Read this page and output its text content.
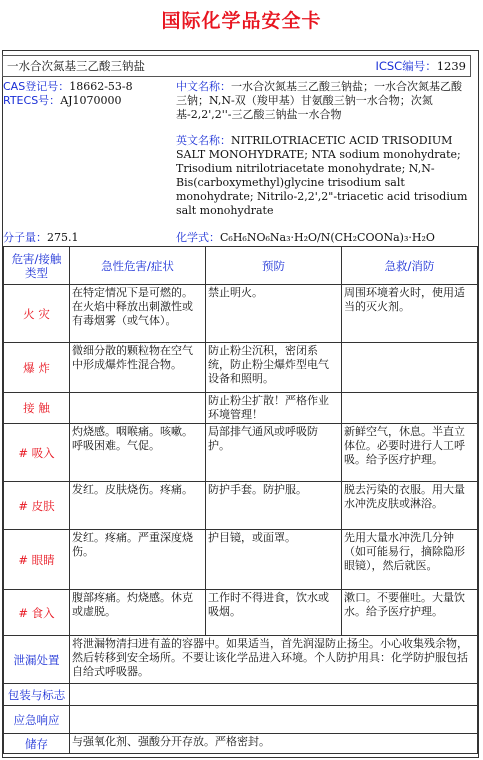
国际化学品安全卡
一水合次氮基三乙酸三钠盐	ICSC编号：1239
CAS登记号：18662-53-8
RTECS号：AJ1070000

中文名称：一水合次氮基三乙酸三钠盐；一水合次氮基乙酸三钠；N,N-双（羧甲基）甘氨酸三钠一水合物；次氮基-2,2',2''-三乙酸三钠盐一水合物

英文名称：NITRILOTRIACETIC ACID TRISODIUM SALT MONOHYDRATE; NTA sodium monohydrate; Trisodium nitrilotriacetate monohydrate; N,N-Bis(carboxymethyl)glycine trisodium salt monohydrate; Nitrilo-2,2',2"-triacetic acid trisodium salt monohydrate

分子量：275.1	化学式：C₆H₆NO₆Na₃·H₂O/N(CH₂COONa)₃·H₂O
危害/接触类型	急性危害/症状	预防	急救/消防
火 灾	在特定情况下是可燃的。在火焰中释放出刺激性或有毒烟雾（或气体）。	禁止明火。	周围环境着火时，使用适当的灭火剂。
爆 炸	微细分散的颗粒物在空气中形成爆炸性混合物。	防止粉尘沉积，密闭系统，防止粉尘爆炸型电气设备和照明。	
接 触		防止粉尘扩散！严格作业环境管理！	
# 吸入	灼烧感。咽喉痛。咳嗽。呼吸困难。气促。	局部排气通风或呼吸防护。	新鲜空气，休息。半直立体位。必要时进行人工呼吸。给予医疗护理。
# 皮肤	发红。皮肤烧伤。疼痛。	防护手套。防护服。	脱去污染的衣服。用大量水冲洗皮肤或淋浴。
# 眼睛	发红。疼痛。严重深度烧伤。	护目镜，或面罩。	先用大量水冲洗几分钟（如可能易行，摘除隐形眼镜），然后就医。
# 食入	腹部疼痛。灼烧感。休克或虚脱。	工作时不得进食，饮水或吸烟。	漱口。不要催吐。大量饮水。给予医疗护理。
泄漏处置	将泄漏物清扫进有盖的容器中。如果适当，首先润湿防止扬尘。小心收集残余物，然后转移到安全场所。不要让该化学品进入环境。个人防护用具：化学防护服包括自给式呼吸器。		
包装与标志			
应急响应			
储存	与强氧化剂、强酸分开存放。严格密封。		
